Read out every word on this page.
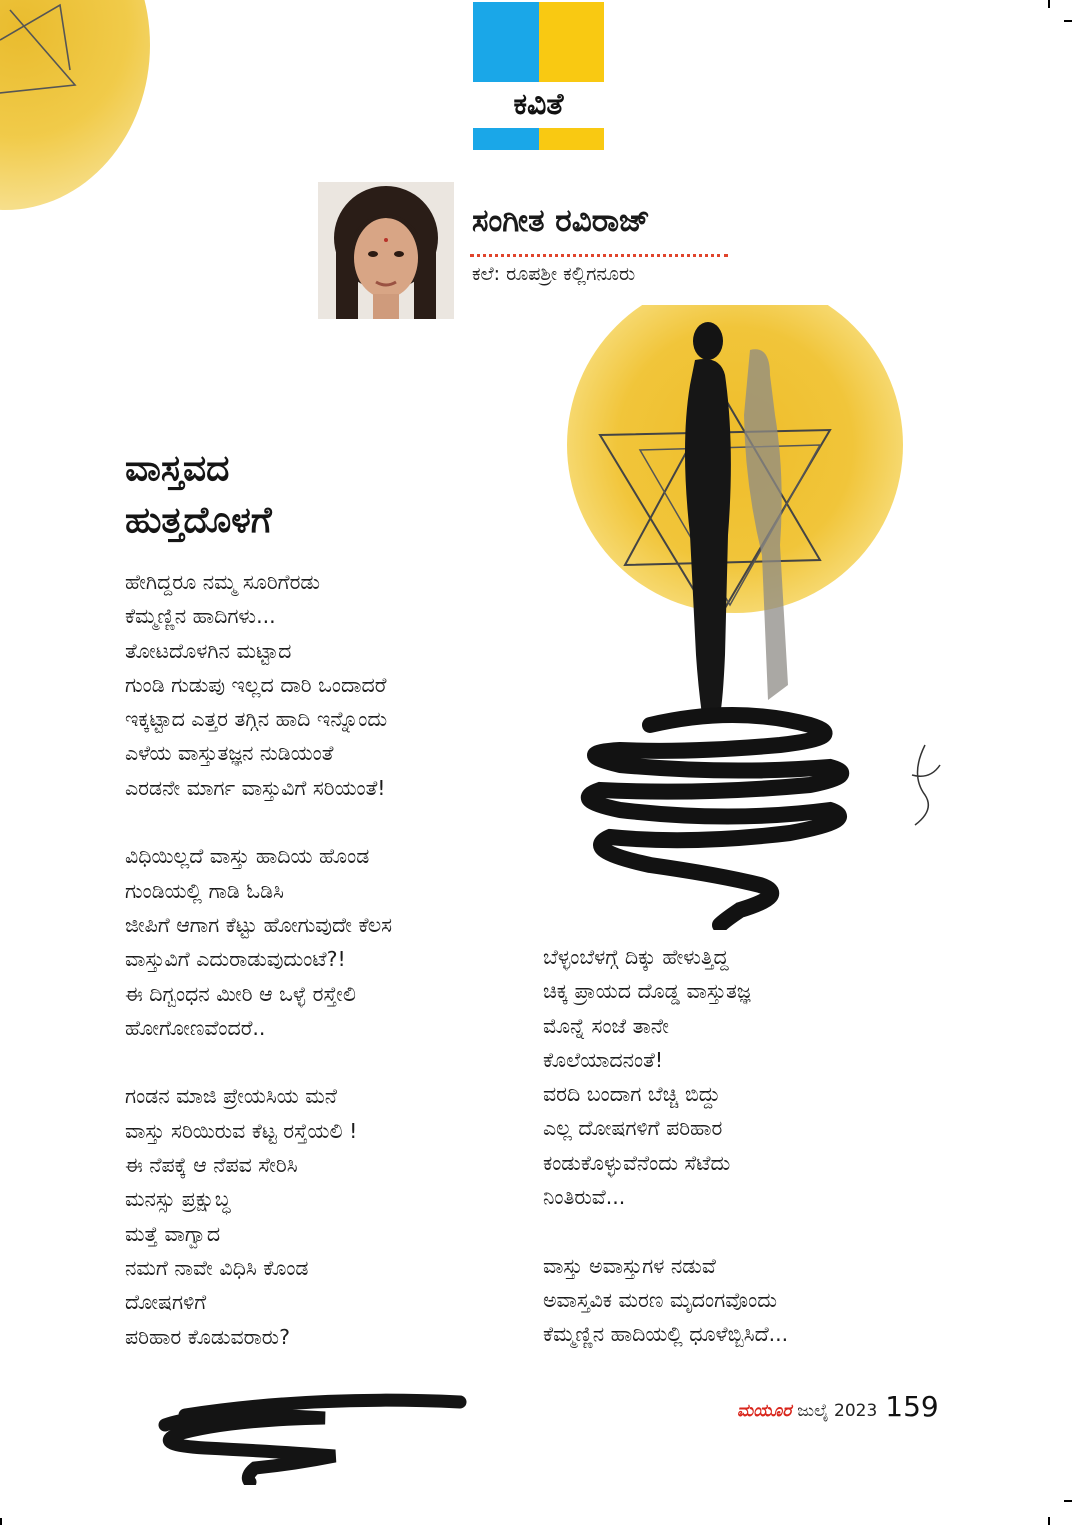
ಕವಿತೆ
ಸಂಗೀತ ರವಿರಾಜ್
ಕಲೆ: ರೂಪಶ್ರೀ ಕಲ್ಲಿಗನೂರು
ವಾಸ್ತವದ
ಹುತ್ತದೊಳಗೆ
ಹೇಗಿದ್ದರೂ ನಮ್ಮ ಸೂರಿಗೆರಡು
ಕೆಮ್ಮಣ್ಣಿನ ಹಾದಿಗಳು...
ತೋಟದೊಳಗಿನ ಮಟ್ಟಾದ
ಗುಂಡಿ ಗುಡುಪು ಇಲ್ಲದ ದಾರಿ ಒಂದಾದರೆ
ಇಕ್ಕಟ್ಟಾದ ಎತ್ತರ ತಗ್ಗಿನ ಹಾದಿ ಇನ್ನೊಂದು
ಎಳೆಯ ವಾಸ್ತುತಜ್ಞನ ನುಡಿಯಂತೆ
ಎರಡನೇ ಮಾರ್ಗ ವಾಸ್ತುವಿಗೆ ಸರಿಯಂತೆ!
ವಿಧಿಯಿಲ್ಲದೆ ವಾಸ್ತು ಹಾದಿಯ ಹೊಂಡ
ಗುಂಡಿಯಲ್ಲಿ ಗಾಡಿ ಓಡಿಸಿ
ಜೀಪಿಗೆ ಆಗಾಗ ಕೆಟ್ಟು ಹೋಗುವುದೇ ಕೆಲಸ
ವಾಸ್ತುವಿಗೆ ಎದುರಾಡುವುದುಂಟೆ?!
ಈ ದಿಗ್ಬಂಧನ ಮೀರಿ ಆ ಒಳ್ಳೆ ರಸ್ತೇಲಿ
ಹೋಗೋಣವೆಂದರೆ..
ಗಂಡನ ಮಾಜಿ ಪ್ರೇಯಸಿಯ ಮನೆ
ವಾಸ್ತು ಸರಿಯಿರುವ ಕೆಟ್ಟ ರಸ್ತೆಯಲಿ !
ಈ ನೆಪಕ್ಕೆ ಆ ನೆಪವ ಸೇರಿಸಿ
ಮನಸ್ಸು ಪ್ರಕ್ಷುಬ್ಧ
ಮತ್ತೆ ವಾಗ್ವಾದ
ನಮಗೆ ನಾವೇ ವಿಧಿಸಿ ಕೊಂಡ
ದೋಷಗಳಿಗೆ
ಪರಿಹಾರ ಕೊಡುವರಾರು?
ಬೆಳ್ಳಂಬೆಳಗ್ಗೆ ದಿಕ್ಕು ಹೇಳುತ್ತಿದ್ದ
ಚಿಕ್ಕ ಪ್ರಾಯದ ದೊಡ್ಡ ವಾಸ್ತುತಜ್ಞ
ಮೊನ್ನೆ ಸಂಜೆ ತಾನೇ
ಕೊಲೆಯಾದನಂತೆ!
ವರದಿ ಬಂದಾಗ ಬೆಚ್ಚಿ ಬಿದ್ದು
ಎಲ್ಲ ದೋಷಗಳಿಗೆ ಪರಿಹಾರ
ಕಂಡುಕೊಳ್ಳುವೆನೆಂದು ಸೆಟೆದು
ನಿಂತಿರುವೆ...
ವಾಸ್ತು ಅವಾಸ್ತುಗಳ ನಡುವೆ
ಅವಾಸ್ತವಿಕ ಮರಣ ಮೃದಂಗವೊಂದು
ಕೆಮ್ಮಣ್ಣಿನ ಹಾದಿಯಲ್ಲಿ ಧೂಳೆಬ್ಬಿಸಿದೆ...
ಮಯೂರ ಜುಲೈ 2023 159
